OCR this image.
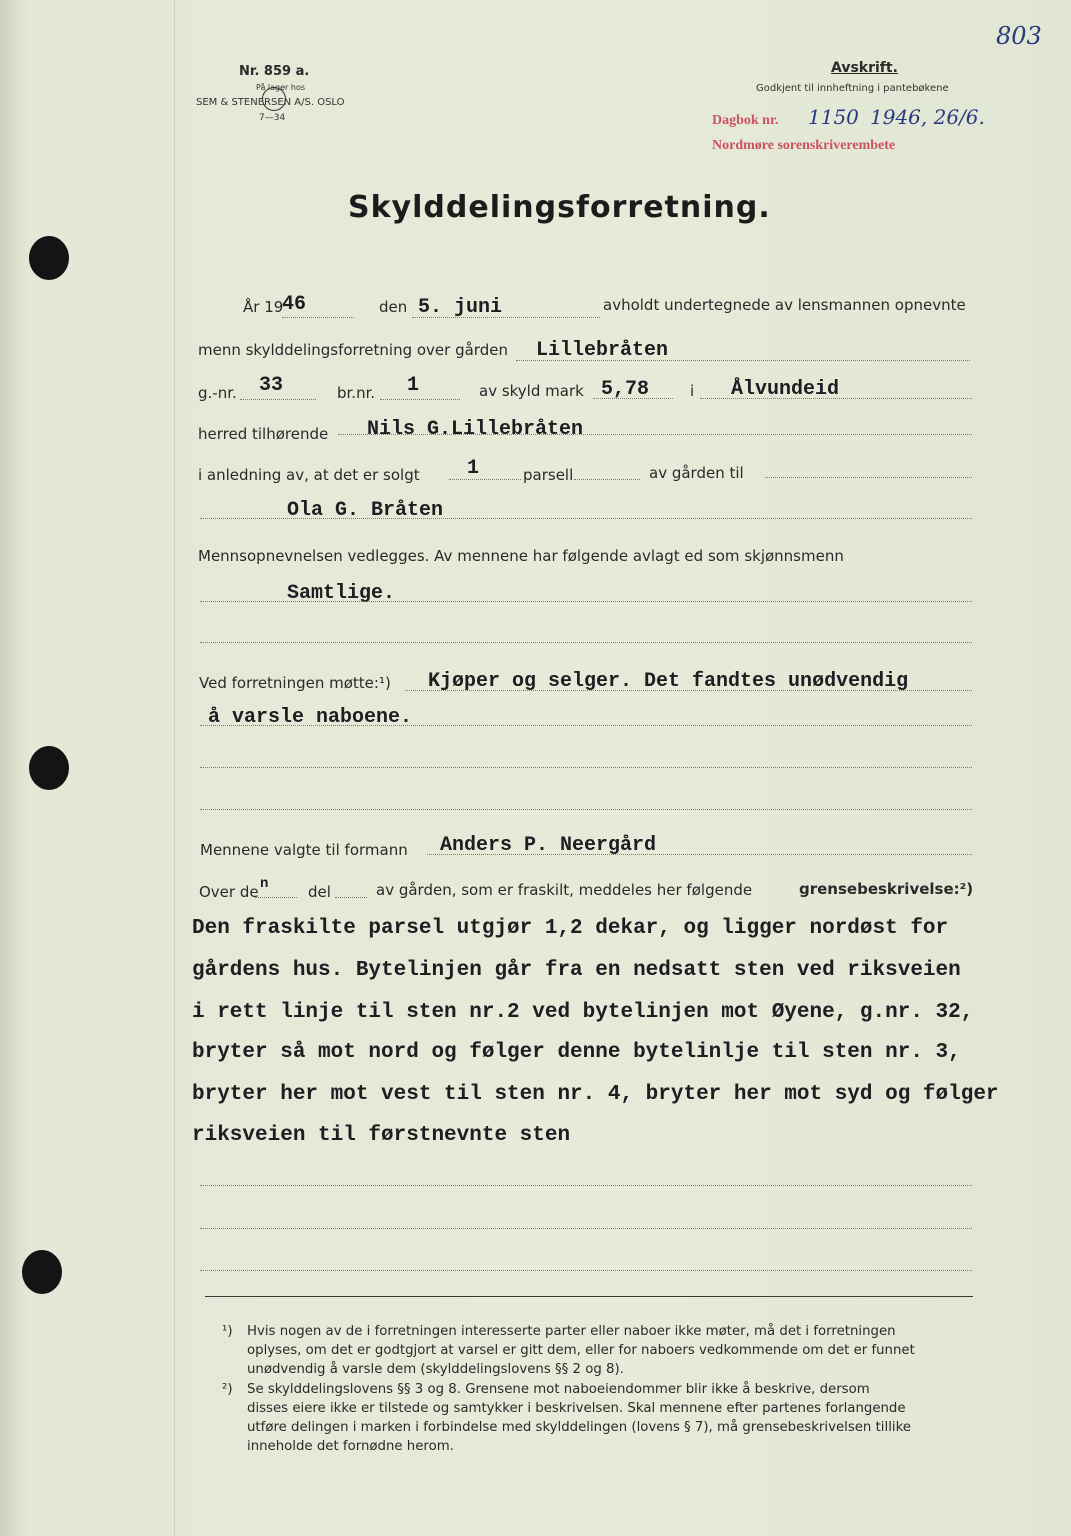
803
Nr. 859 a.
På lager hos
SEM & STENERSEN A/S. OSLO
7—34
Avskrift.
Godkjent til innheftning i pantebøkene
Dagbok nr. 1150 1946, 26/6.
Nordmøre sorenskriverembete
Skylddelingsforretning.
År 19
46	den 5. juni	avholdt undertegnede av lensmannen opnevnte
menn skylddelingsforretning over gården Lillebråten
g.-nr. 33	br.nr. 1	av skyld mark 5,78	i Ålvundeid
herred tilhørende Nils G.Lillebråten
i anledning av, at det er solgt 1	parsell	av gården til
Ola G. Bråten
Mennsopnevnelsen vedlegges. Av mennene har følgende avlagt ed som skjønnsmenn
Samtlige.
Ved forretningen møtte:¹) Kjøper og selger. Det fandtes unødvendig
å varsle naboene.
Mennene valgte til formann Anders P. Neergård
Over de n	del	av gården, som er fraskilt, meddeles her følgende	grensebeskrivelse:²)
Den fraskilte parsel utgjør 1,2 dekar, og ligger nordøst for
gårdens hus. Bytelinjen går fra en nedsatt sten ved riksveien
i rett linje til sten nr.2 ved bytelinjen mot Øyene, g.nr. 32,
bryter så mot nord og følger denne bytelinlje til sten nr. 3,
bryter her mot vest til sten nr. 4, bryter her mot syd og følger
riksveien til førstnevnte sten
¹) Hvis nogen av de i forretningen interesserte parter eller naboer ikke møter, må det i forretningen
oplyses, om det er godtgjort at varsel er gitt dem, eller for naboers vedkommende om det er funnet
unødvendig å varsle dem (skylddelingslovens §§ 2 og 8).
²) Se skylddelingslovens §§ 3 og 8. Grensene mot naboeiendommer blir ikke å beskrive, dersom
disses eiere ikke er tilstede og samtykker i beskrivelsen. Skal mennene efter partenes forlangende
utføre delingen i marken i forbindelse med skylddelingen (lovens § 7), må grensebeskrivelsen tillike
inneholde det fornødne herom.
